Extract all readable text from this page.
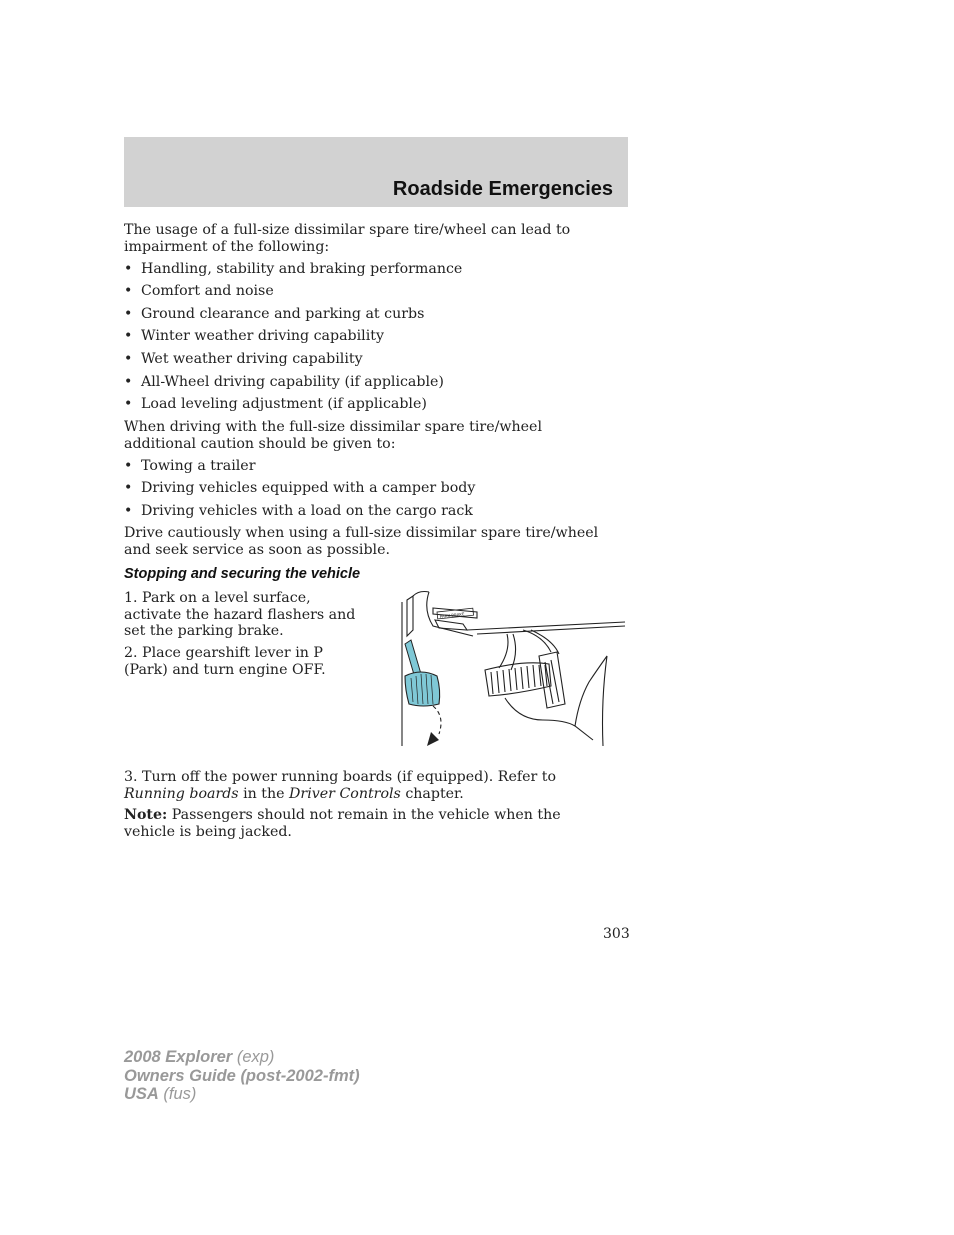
Roadside Emergencies
The usage of a full-size dissimilar spare tire/wheel can lead to impairment of the following:
• Handling, stability and braking performance
• Comfort and noise
• Ground clearance and parking at curbs
• Winter weather driving capability
• Wet weather driving capability
• All-Wheel driving capability (if applicable)
• Load leveling adjustment (if applicable)
When driving with the full-size dissimilar spare tire/wheel additional caution should be given to:
• Towing a trailer
• Driving vehicles equipped with a camper body
• Driving vehicles with a load on the cargo rack
Drive cautiously when using a full-size dissimilar spare tire/wheel and seek service as soon as possible.
Stopping and securing the vehicle
1. Park on a level surface, activate the hazard flashers and set the parking brake.
2. Place gearshift lever in P (Park) and turn engine OFF.
PARK BRAKE
3. Turn off the power running boards (if equipped). Refer to Running boards in the Driver Controls chapter.
Note: Passengers should not remain in the vehicle when the vehicle is being jacked.
303
2008 Explorer (exp)
Owners Guide (post-2002-fmt)
USA (fus)
